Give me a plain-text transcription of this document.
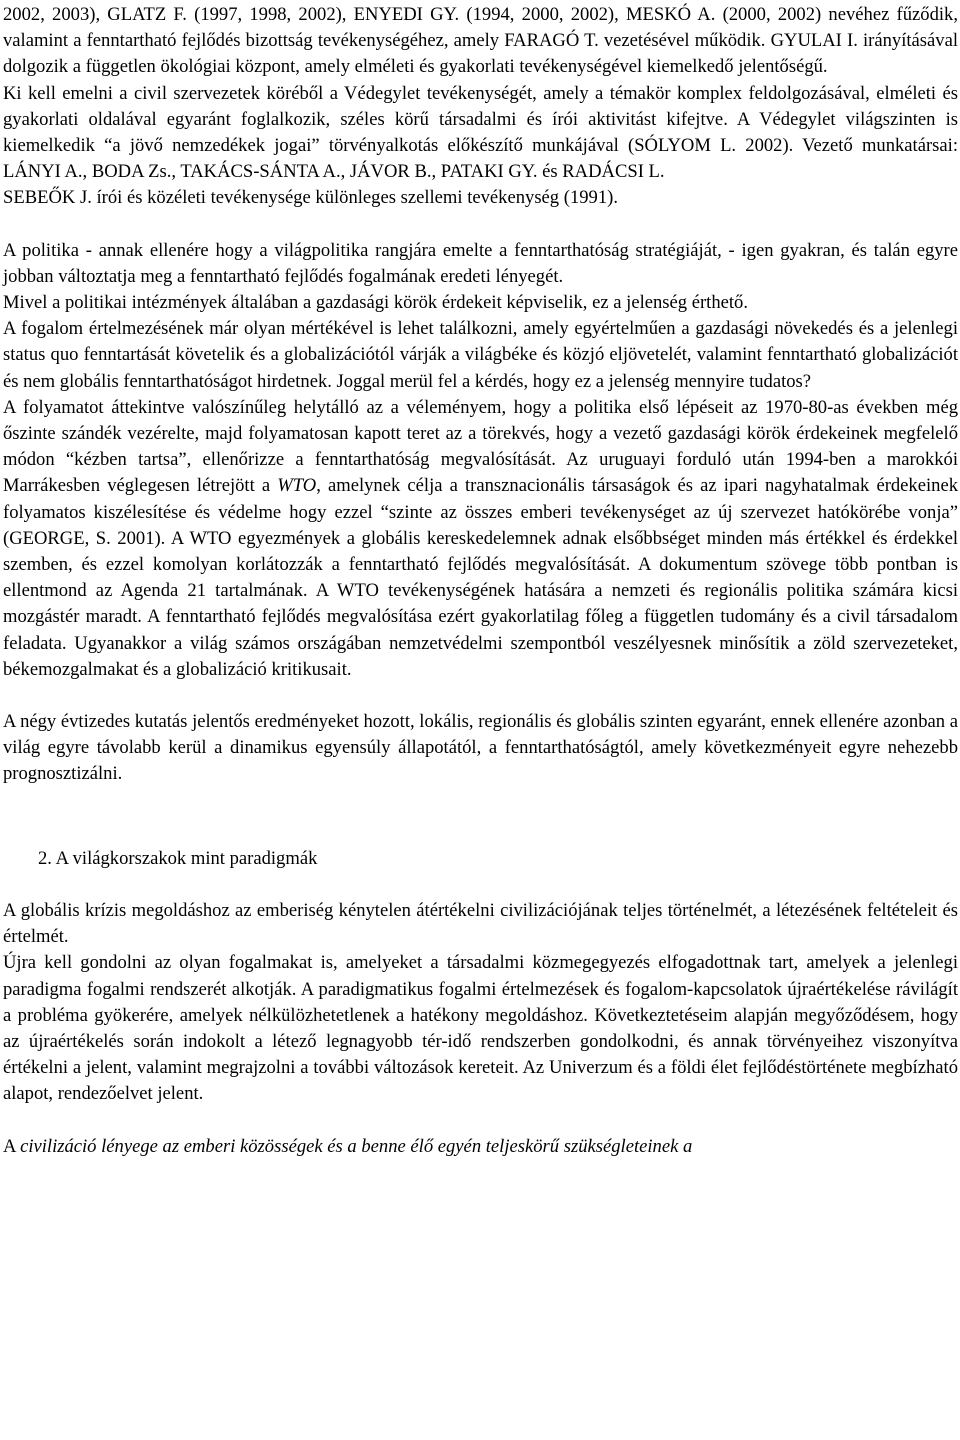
2002, 2003), GLATZ F. (1997, 1998, 2002), ENYEDI GY. (1994, 2000, 2002), MESKÓ A. (2000, 2002) nevéhez fűződik, valamint a fenntartható fejlődés bizottság tevékenységéhez, amely FARAGÓ T. vezetésével működik. GYULAI I. irányításával dolgozik a független ökológiai központ, amely elméleti és gyakorlati tevékenységével kiemelkedő jelentőségű.

Ki kell emelni a civil szervezetek köréből a Védegylet tevékenységét, amely a témakör komplex feldolgozásával, elméleti és gyakorlati oldalával egyaránt foglalkozik, széles körű társadalmi és írói aktivitást kifejtve. A Védegylet világszinten is kiemelkedik “a jövő nemzedékek jogai” törvényalkotás előkészítő munkájával (SÓLYOM L. 2002). Vezető munkatársai: LÁNYI A., BODA Zs., TAKÁCS-SÁNTA A., JÁVOR B., PATAKI GY. és RADÁCSI L.

SEBEŐK J. írói és közéleti tevékenysége különleges szellemi tevékenység (1991).

A politika - annak ellenére hogy a világpolitika rangjára emelte a fenntarthatóság stratégiáját, - igen gyakran, és talán egyre jobban változtatja meg a fenntartható fejlődés fogalmának eredeti lényegét.

Mivel a politikai intézmények általában a gazdasági körök érdekeit képviselik, ez a jelenség érthető.

A fogalom értelmezésének már olyan mértékével is lehet találkozni, amely egyértelműen a gazdasági növekedés és a jelenlegi status quo fenntartását követelik és a globalizációtól várják a világbéke és közjó eljövetelét, valamint fenntartható globalizációt és nem globális fenntarthatóságot hirdetnek. Joggal merül fel a kérdés, hogy ez a jelenség mennyire tudatos?

A folyamatot áttekintve valószínűleg helytálló az a véleményem, hogy a politika első lépéseit az 1970-80-as években még őszinte szándék vezérelte, majd folyamatosan kapott teret az a törekvés, hogy a vezető gazdasági körök érdekeinek megfelelő módon “kézben tartsa”, ellenőrizze a fenntarthatóság megvalósítását. Az uruguayi forduló után 1994-ben a marokkói Marrákesben véglegesen létrejött a WTO, amelynek célja a transznacionális társaságok és az ipari nagyhatalmak érdekeinek folyamatos kiszélesítése és védelme hogy ezzel “szinte az összes emberi tevékenységet az új szervezet hatókörébe vonja” (GEORGE, S. 2001). A WTO egyezmények a globális kereskedelemnek adnak elsőbbséget minden más értékkel és érdekkel szemben, és ezzel komolyan korlátozzák a fenntartható fejlődés megvalósítását. A dokumentum szövege több pontban is ellentmond az Agenda 21 tartalmának. A WTO tevékenységének hatására a nemzeti és regionális politika számára kicsi mozgástér maradt. A fenntartható fejlődés megvalósítása ezért gyakorlatilag főleg a független tudomány és a civil társadalom feladata. Ugyanakkor a világ számos országában nemzetvédelmi szempontból veszélyesnek minősítik a zöld szervezeteket, békemozgalmakat és a globalizáció kritikusait.

A négy évtizedes kutatás jelentős eredményeket hozott, lokális, regionális és globális szinten egyaránt, ennek ellenére azonban a világ egyre távolabb kerül a dinamikus egyensúly állapotától, a fenntarthatóságtól, amely következményeit egyre nehezebb prognosztizálni.

2. A világkorszakok mint paradigmák

A globális krízis megoldáshoz az emberiség kénytelen átértékelni civilizációjának teljes történelmét, a létezésének feltételeit és értelmét.

Újra kell gondolni az olyan fogalmakat is, amelyeket a társadalmi közmegegyezés elfogadottnak tart, amelyek a jelenlegi paradigma fogalmi rendszerét alkotják. A paradigmatikus fogalmi értelmezések és fogalom-kapcsolatok újraértékelése rávilágít a probléma gyökerére, amelyek nélkülözhetetlenek a hatékony megoldáshoz. Következtetéseim alapján megyőződésem, hogy az újraértékelés során indokolt a létező legnagyobb tér-idő rendszerben gondolkodni, és annak törvényeihez viszonyítva értékelni a jelent, valamint megrajzolni a további változások kereteit. Az Univerzum és a földi élet fejlődéstörténete megbízható alapot, rendezőelvet jelent.

A civilizáció lényege az emberi közösségek és a benne élő egyén teljeskörű szükségleteinek a
